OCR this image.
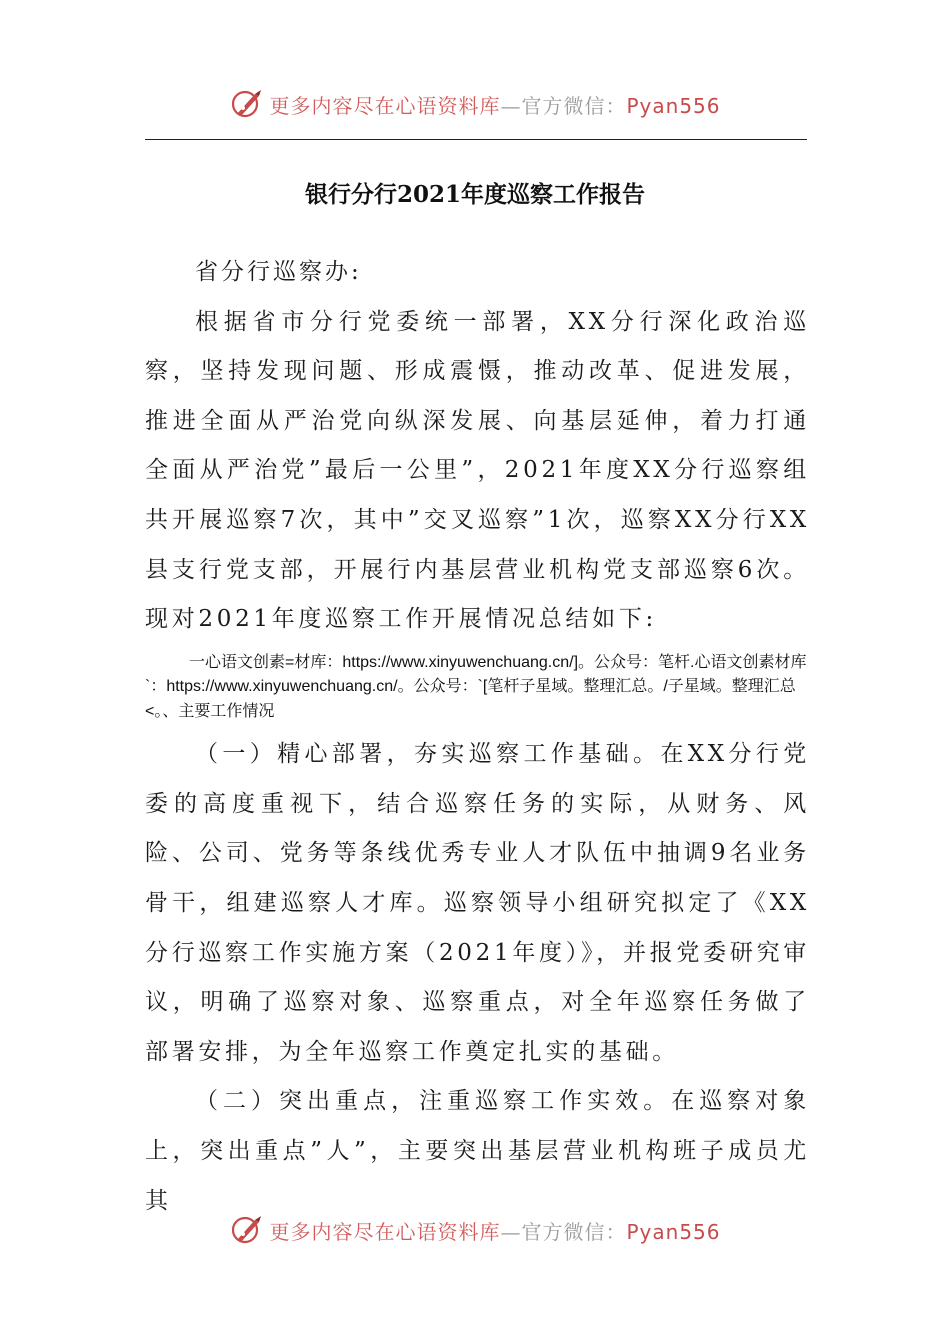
更多内容尽在心语资料库—官方微信：Pyan556
银行分行2021年度巡察工作报告

省分行巡察办:

根据省市分行党委统一部署，XX分行深化政治巡察，坚持发现问题、形成震慑，推动改革、促进发展，推进全面从严治党向纵深发展、向基层延伸，着力打通全面从严治党”最后一公里”，2021年度XX分行巡察组共开展巡察7次，其中”交叉巡察”1次，巡察XX分行XX县支行党支部，开展行内基层营业机构党支部巡察6次。现对2021年度巡察工作开展情况总结如下:

一心语文创素=材库：https://www.xinyuwenchuang.cn/]。公众号：笔杆.心语文创素材库`：https://www.xinyuwenchuang.cn/。公众号：`[笔杆子星域。整理汇总。/子星域。整理汇总<。、主要工作情况

（一）精心部署，夯实巡察工作基础。在XX分行党委的高度重视下，结合巡察任务的实际，从财务、风险、公司、党务等条线优秀专业人才队伍中抽调9名业务骨干，组建巡察人才库。巡察领导小组研究拟定了《XX分行巡察工作实施方案（2021年度）》，并报党委研究审议，明确了巡察对象、巡察重点，对全年巡察任务做了部署安排，为全年巡察工作奠定扎实的基础。

（二）突出重点，注重巡察工作实效。在巡察对象上，突出重点”人”，主要突出基层营业机构班子成员尤其

更多内容尽在心语资料库—官方微信：Pyan556
